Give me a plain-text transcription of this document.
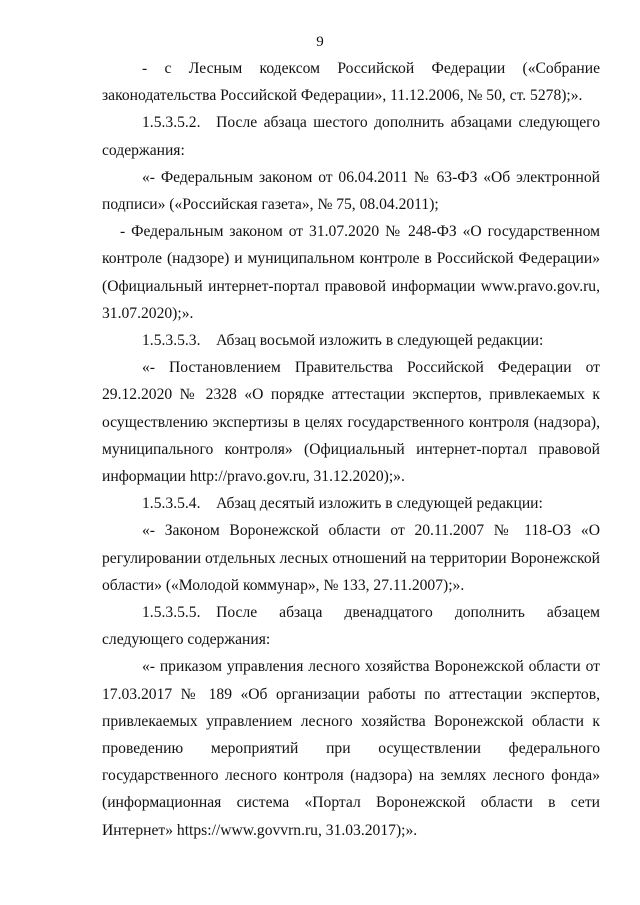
9

- с Лесным кодексом Российской Федерации («Собрание законодательства Российской Федерации», 11.12.2006, № 50, ст. 5278);».

1.5.3.5.2. После абзаца шестого дополнить абзацами следующего содержания:

«- Федеральным законом от 06.04.2011 № 63-ФЗ «Об электронной подписи» («Российская газета», № 75, 08.04.2011);

- Федеральным законом от 31.07.2020 № 248-ФЗ «О государственном контроле (надзоре) и муниципальном контроле в Российской Федерации» (Официальный интернет-портал правовой информации www.pravo.gov.ru, 31.07.2020);».

1.5.3.5.3. Абзац восьмой изложить в следующей редакции:

«- Постановлением Правительства Российской Федерации от 29.12.2020 № 2328 «О порядке аттестации экспертов, привлекаемых к осуществлению экспертизы в целях государственного контроля (надзора), муниципального контроля» (Официальный интернет-портал правовой информации http://pravo.gov.ru, 31.12.2020);».

1.5.3.5.4. Абзац десятый изложить в следующей редакции:

«- Законом Воронежской области от 20.11.2007 № 118-ОЗ «О регулировании отдельных лесных отношений на территории Воронежской области» («Молодой коммунар», № 133, 27.11.2007);».

1.5.3.5.5. После абзаца двенадцатого дополнить абзацем следующего содержания:

«- приказом управления лесного хозяйства Воронежской области от 17.03.2017 № 189 «Об организации работы по аттестации экспертов, привлекаемых управлением лесного хозяйства Воронежской области к проведению мероприятий при осуществлении федерального государственного лесного контроля (надзора) на землях лесного фонда» (информационная система «Портал Воронежской области в сети Интернет» https://www.govvrn.ru, 31.03.2017);».
